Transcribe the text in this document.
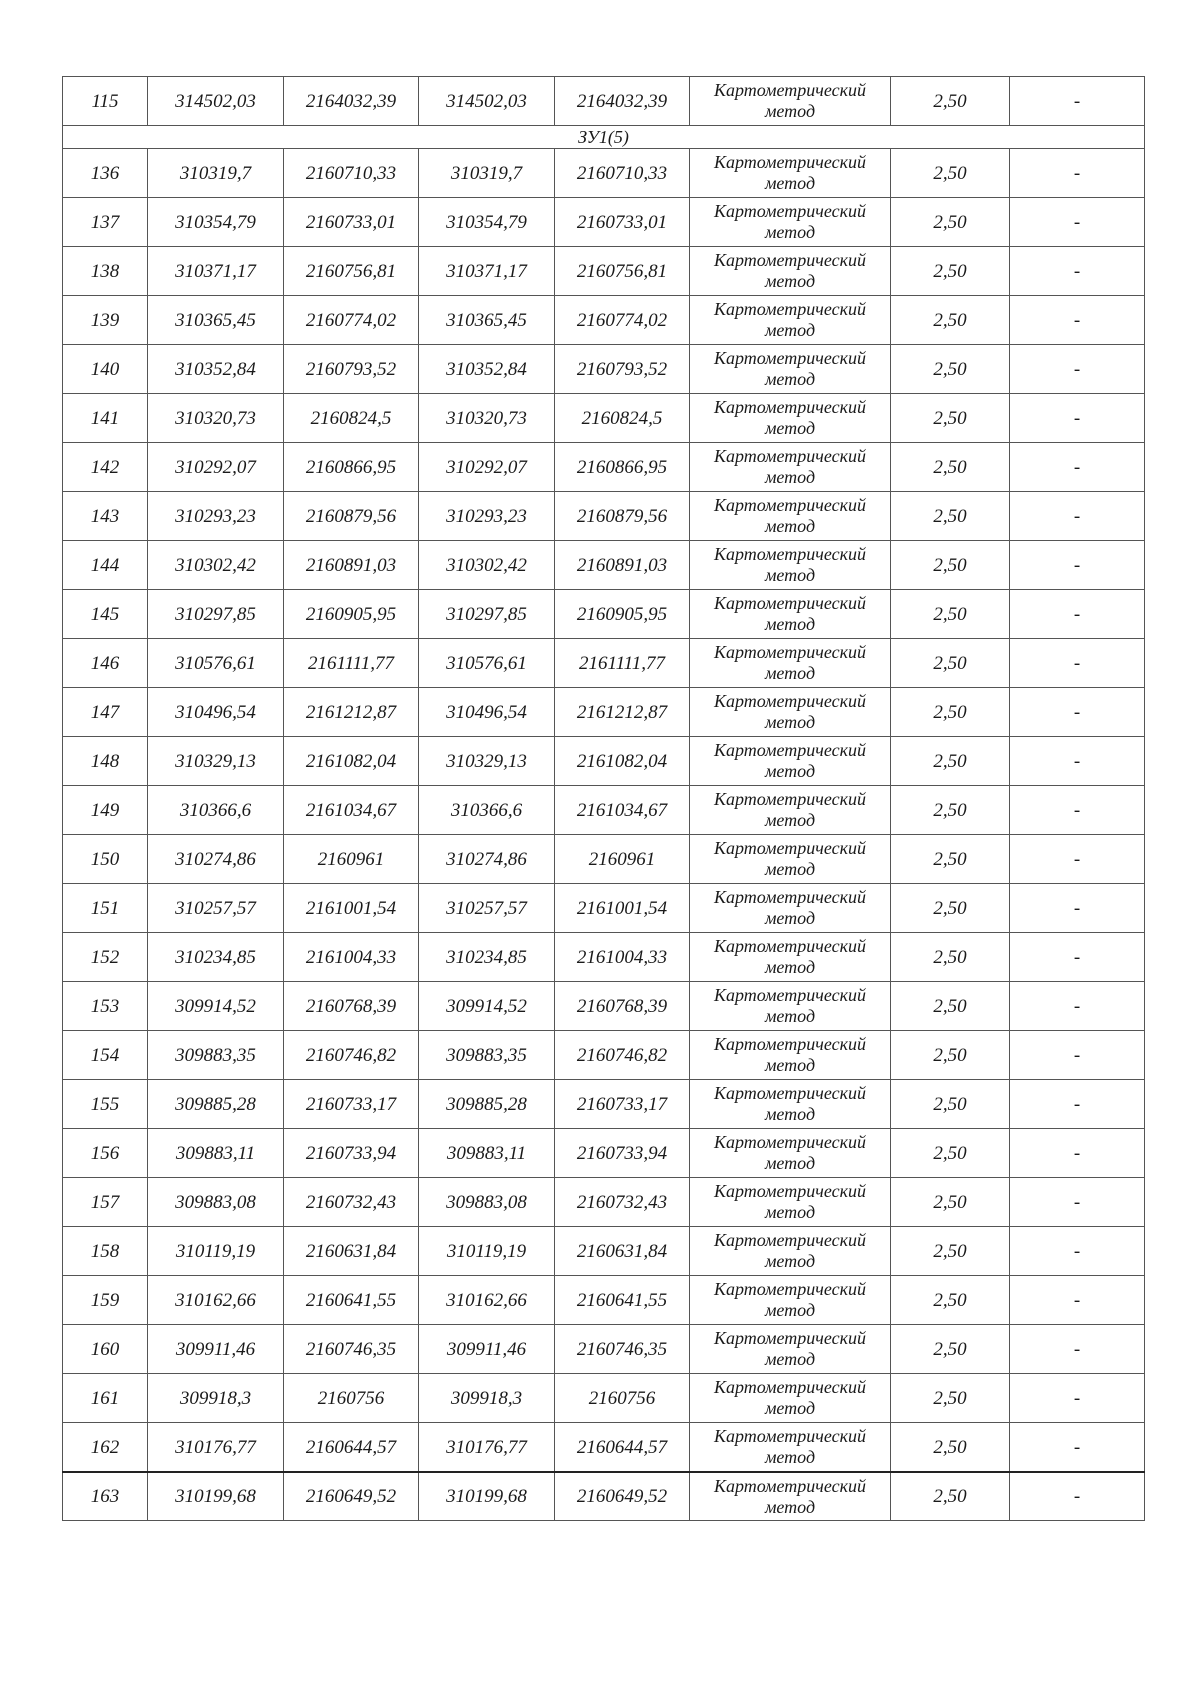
115	314502,03	2164032,39	314502,03	2164032,39	Картометрический
метод	2,50	-
ЗУ1(5)							
136	310319,7	2160710,33	310319,7	2160710,33	Картометрический
метод	2,50	-
137	310354,79	2160733,01	310354,79	2160733,01	Картометрический
метод	2,50	-
138	310371,17	2160756,81	310371,17	2160756,81	Картометрический
метод	2,50	-
139	310365,45	2160774,02	310365,45	2160774,02	Картометрический
метод	2,50	-
140	310352,84	2160793,52	310352,84	2160793,52	Картометрический
метод	2,50	-
141	310320,73	2160824,5	310320,73	2160824,5	Картометрический
метод	2,50	-
142	310292,07	2160866,95	310292,07	2160866,95	Картометрический
метод	2,50	-
143	310293,23	2160879,56	310293,23	2160879,56	Картометрический
метод	2,50	-
144	310302,42	2160891,03	310302,42	2160891,03	Картометрический
метод	2,50	-
145	310297,85	2160905,95	310297,85	2160905,95	Картометрический
метод	2,50	-
146	310576,61	2161111,77	310576,61	2161111,77	Картометрический
метод	2,50	-
147	310496,54	2161212,87	310496,54	2161212,87	Картометрический
метод	2,50	-
148	310329,13	2161082,04	310329,13	2161082,04	Картометрический
метод	2,50	-
149	310366,6	2161034,67	310366,6	2161034,67	Картометрический
метод	2,50	-
150	310274,86	2160961	310274,86	2160961	Картометрический
метод	2,50	-
151	310257,57	2161001,54	310257,57	2161001,54	Картометрический
метод	2,50	-
152	310234,85	2161004,33	310234,85	2161004,33	Картометрический
метод	2,50	-
153	309914,52	2160768,39	309914,52	2160768,39	Картометрический
метод	2,50	-
154	309883,35	2160746,82	309883,35	2160746,82	Картометрический
метод	2,50	-
155	309885,28	2160733,17	309885,28	2160733,17	Картометрический
метод	2,50	-
156	309883,11	2160733,94	309883,11	2160733,94	Картометрический
метод	2,50	-
157	309883,08	2160732,43	309883,08	2160732,43	Картометрический
метод	2,50	-
158	310119,19	2160631,84	310119,19	2160631,84	Картометрический
метод	2,50	-
159	310162,66	2160641,55	310162,66	2160641,55	Картометрический
метод	2,50	-
160	309911,46	2160746,35	309911,46	2160746,35	Картометрический
метод	2,50	-
161	309918,3	2160756	309918,3	2160756	Картометрический
метод	2,50	-
162	310176,77	2160644,57	310176,77	2160644,57	Картометрический
метод	2,50	-
163	310199,68	2160649,52	310199,68	2160649,52	Картометрический
метод	2,50	-
